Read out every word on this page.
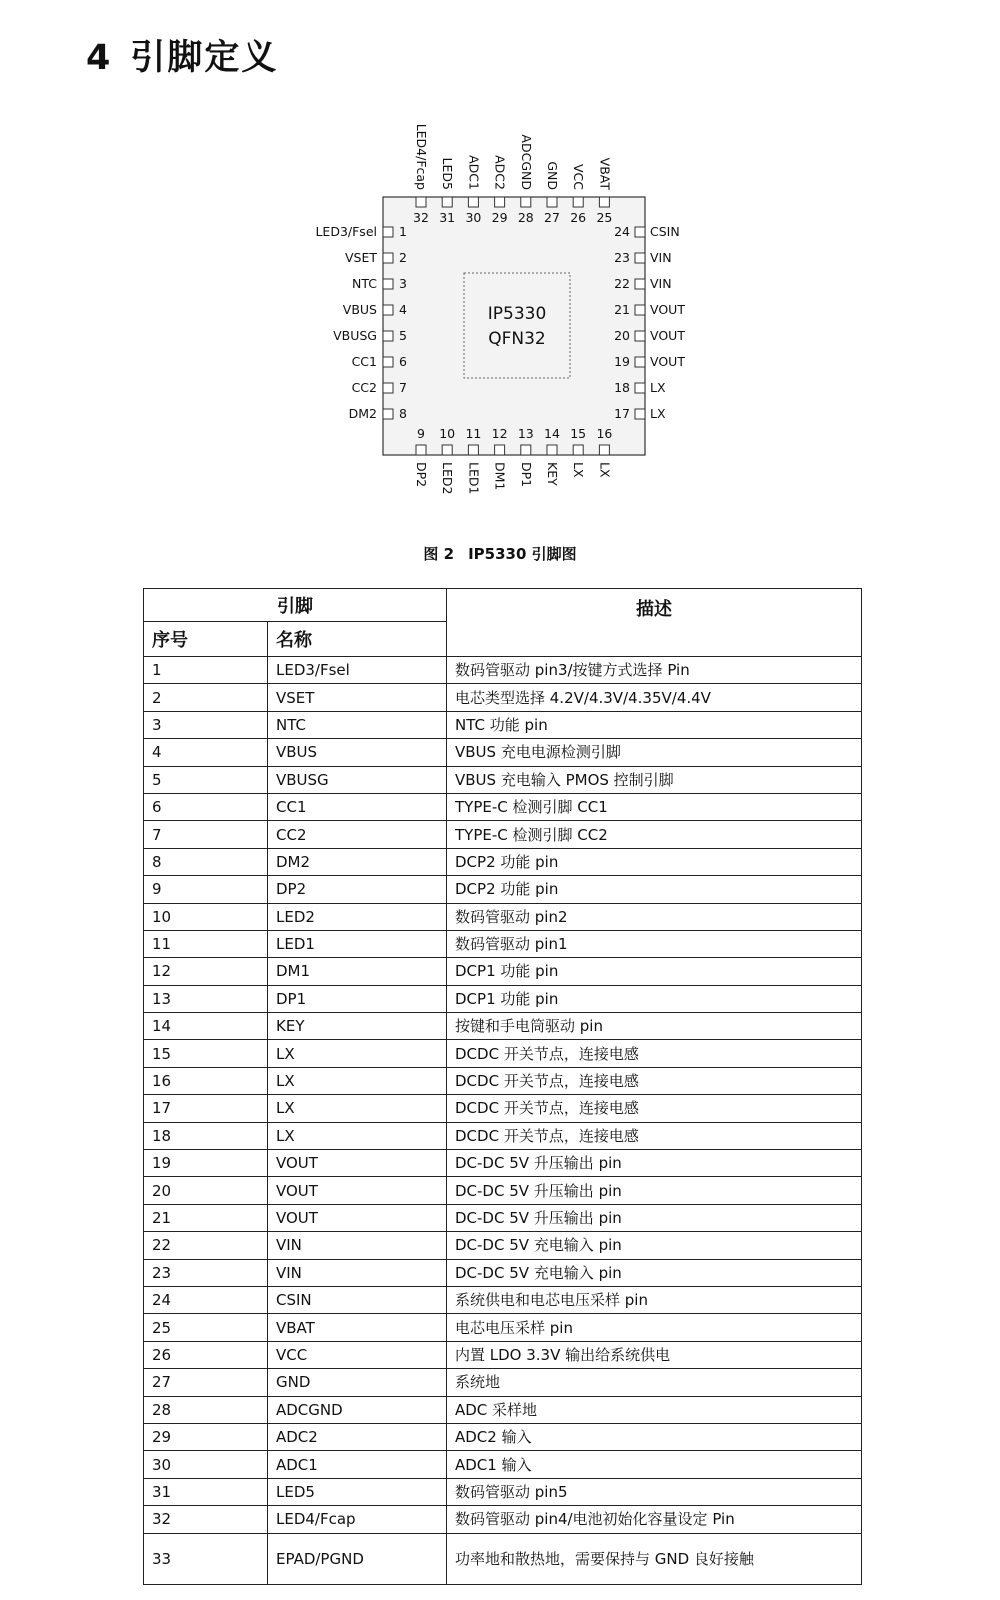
4 引脚定义
IP5330
QFN32
1
LED3/Fsel
2
VSET
3
NTC
4
VBUS
5
VBUSG
6
CC1
7
CC2
8
DM2
9
DP2
10
LED2
11
LED1
12
DM1
13
DP1
14
KEY
15
LX
16
LX
24 CSIN
23 VIN
22 VIN
21 VOUT
20 VOUT
19 VOUT
18 LX
17 LX
32
LED4/Fcap
31
LED5
30
ADC1
29
ADC2
28
ADCGND
27
GND
26
VCC
25
VBAT
图 2 IP5330 引脚图
引脚		描述
序号	名称	
1	LED3/Fsel	数码管驱动 pin3/按键方式选择 Pin
2	VSET	电芯类型选择 4.2V/4.3V/4.35V/4.4V
3	NTC	NTC 功能 pin
4	VBUS	VBUS 充电电源检测引脚
5	VBUSG	VBUS 充电输入 PMOS 控制引脚
6	CC1	TYPE-C 检测引脚 CC1
7	CC2	TYPE-C 检测引脚 CC2
8	DM2	DCP2 功能 pin
9	DP2	DCP2 功能 pin
10	LED2	数码管驱动 pin2
11	LED1	数码管驱动 pin1
12	DM1	DCP1 功能 pin
13	DP1	DCP1 功能 pin
14	KEY	按键和手电筒驱动 pin
15	LX	DCDC 开关节点，连接电感
16	LX	DCDC 开关节点，连接电感
17	LX	DCDC 开关节点，连接电感
18	LX	DCDC 开关节点，连接电感
19	VOUT	DC-DC 5V 升压输出 pin
20	VOUT	DC-DC 5V 升压输出 pin
21	VOUT	DC-DC 5V 升压输出 pin
22	VIN	DC-DC 5V 充电输入 pin
23	VIN	DC-DC 5V 充电输入 pin
24	CSIN	系统供电和电芯电压采样 pin
25	VBAT	电芯电压采样 pin
26	VCC	内置 LDO 3.3V 输出给系统供电
27	GND	系统地
28	ADCGND	ADC 采样地
29	ADC2	ADC2 输入
30	ADC1	ADC1 输入
31	LED5	数码管驱动 pin5
32	LED4/Fcap	数码管驱动 pin4/电池初始化容量设定 Pin
33	EPAD/PGND	功率地和散热地，需要保持与 GND 良好接触
